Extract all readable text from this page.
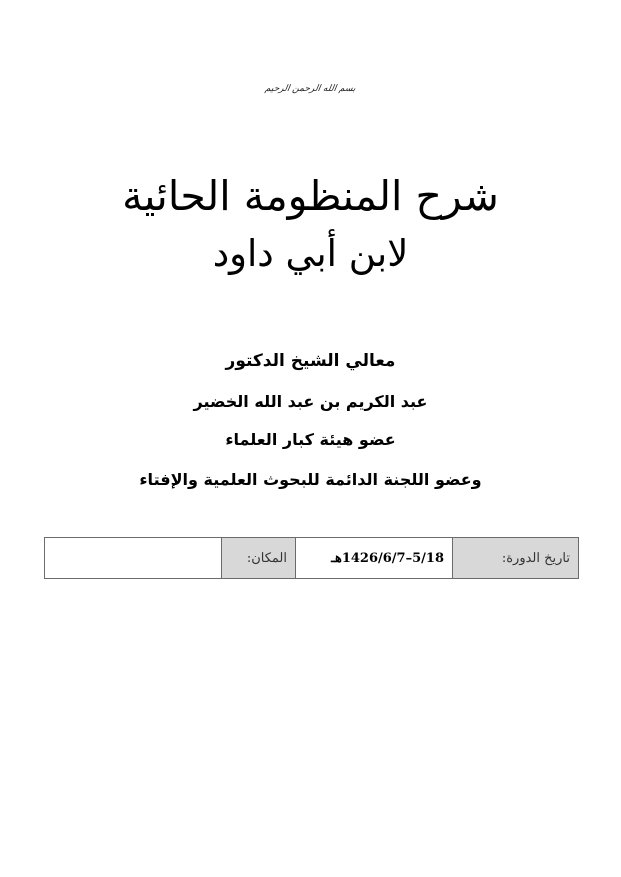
بسم الله الرحمن الرحيم
شرح المنظومة الحائية
لابن أبي داود
معالي الشيخ الدكتور
عبد الكريم بن عبد الله الخضير
عضو هيئة كبار العلماء
وعضو اللجنة الدائمة للبحوث العلمية والإفتاء
تاريخ الدورة:	5/18–1426/6/7هـ	المكان:	
